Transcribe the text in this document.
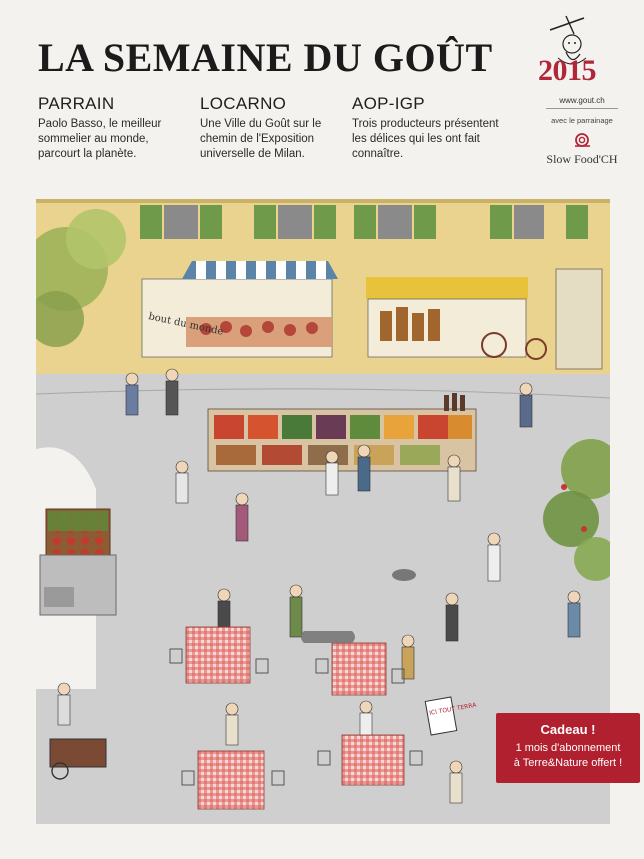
LA SEMAINE DU GOÛT
PARRAIN
Paolo Basso, le meilleur sommelier au monde, parcourt la planète.
LOCARNO
Une Ville du Goût sur le chemin de l'Exposition universelle de Milan.
AOP-IGP
Trois producteurs présentent les délices qui les ont fait connaître.
2015
www.gout.ch
avec le parrainage
Slow Food'CH
bout du monde
ICI TOUT TERRA
Cadeau !
1 mois d'abonnement
à Terre&Nature offert !
